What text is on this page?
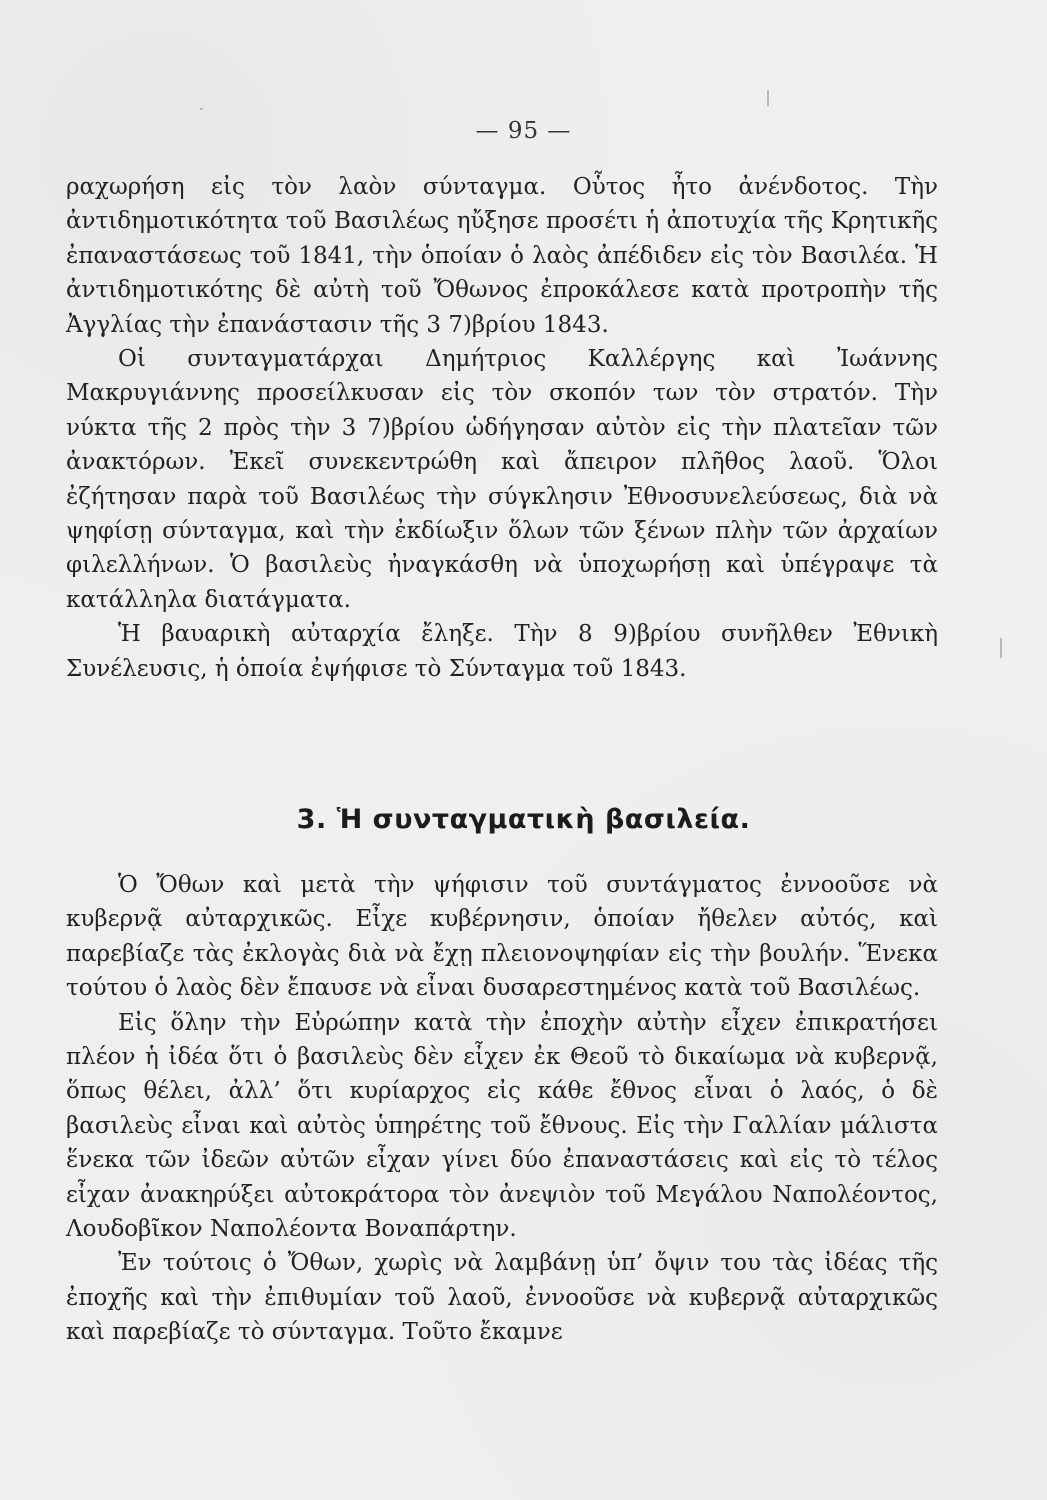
— 95 —

ραχωρήση εἰς τὸν λαὸν σύνταγμα. Οὗτος ἦτο ἀνένδοτος. Τὴν ἀντιδημοτικότητα τοῦ Βασιλέως ηὔξησε προσέτι ἡ ἀποτυχία τῆς Κρητικῆς ἐπαναστάσεως τοῦ 1841, τὴν ὁποίαν ὁ λαὸς ἀπέδιδεν εἰς τὸν Βασιλέα. Ἡ ἀντιδημοτικότης δὲ αὐτὴ τοῦ Ὄθωνος ἐπροκάλεσε κατὰ προτροπὴν τῆς Ἀγγλίας τὴν ἐπανάστασιν τῆς 3 7)βρίου 1843.

Οἱ συνταγματάρχαι Δημήτριος Καλλέργης καὶ Ἰωάννης Μακρυγιάννης προσείλκυσαν εἰς τὸν σκοπόν των τὸν στρατόν. Τὴν νύκτα τῆς 2 πρὸς τὴν 3 7)βρίου ὡδήγησαν αὐτὸν εἰς τὴν πλατεῖαν τῶν ἀνακτόρων. Ἐκεῖ συνεκεντρώθη καὶ ἄπειρον πλῆθος λαοῦ. Ὅλοι ἐζήτησαν παρὰ τοῦ Βασιλέως τὴν σύγκλησιν Ἐθνοσυνελεύσεως, διὰ νὰ ψηφίσῃ σύνταγμα, καὶ τὴν ἐκδίωξιν ὅλων τῶν ξένων πλὴν τῶν ἀρχαίων φιλελλήνων. Ὁ βασιλεὺς ἠναγκάσθη νὰ ὑποχωρήσῃ καὶ ὑπέγραψε τὰ κατάλληλα διατάγματα.

Ἡ βαυαρικὴ αὐταρχία ἔληξε. Τὴν 8 9)βρίου συνῆλθεν Ἐθνικὴ Συνέλευσις, ἡ ὁποία ἐψήφισε τὸ Σύνταγμα τοῦ 1843.

3. Ἡ συνταγματικὴ βασιλεία.

Ὁ Ὄθων καὶ μετὰ τὴν ψήφισιν τοῦ συντάγματος ἐννοοῦσε νὰ κυβερνᾷ αὐταρχικῶς. Εἶχε κυβέρνησιν, ὁποίαν ἤθελεν αὐτός, καὶ παρεβίαζε τὰς ἐκλογὰς διὰ νὰ ἔχῃ πλειονοψηφίαν εἰς τὴν βουλήν. Ἕνεκα τούτου ὁ λαὸς δὲν ἔπαυσε νὰ εἶναι δυσαρεστημένος κατὰ τοῦ Βασιλέως.

Εἰς ὅλην τὴν Εὐρώπην κατὰ τὴν ἐποχὴν αὐτὴν εἶχεν ἐπικρατήσει πλέον ἡ ἰδέα ὅτι ὁ βασιλεὺς δὲν εἶχεν ἐκ Θεοῦ τὸ δικαίωμα νὰ κυβερνᾷ, ὅπως θέλει, ἀλλ’ ὅτι κυρίαρχος εἰς κάθε ἔθνος εἶναι ὁ λαός, ὁ δὲ βασιλεὺς εἶναι καὶ αὐτὸς ὑπηρέτης τοῦ ἔθνους. Εἰς τὴν Γαλλίαν μάλιστα ἕνεκα τῶν ἰδεῶν αὐτῶν εἶχαν γίνει δύο ἐπαναστάσεις καὶ εἰς τὸ τέλος εἶχαν ἀνακηρύξει αὐτοκράτορα τὸν ἀνεψιὸν τοῦ Μεγάλου Ναπολέοντος, Λουδοβῖκον Ναπολέοντα Βοναπάρτην.

Ἐν τούτοις ὁ Ὄθων, χωρὶς νὰ λαμβάνῃ ὑπ’ ὄψιν του τὰς ἰδέας τῆς ἐποχῆς καὶ τὴν ἐπιθυμίαν τοῦ λαοῦ, ἐννοοῦσε νὰ κυβερνᾷ αὐταρχικῶς καὶ παρεβίαζε τὸ σύνταγμα. Τοῦτο ἔκαμνε
